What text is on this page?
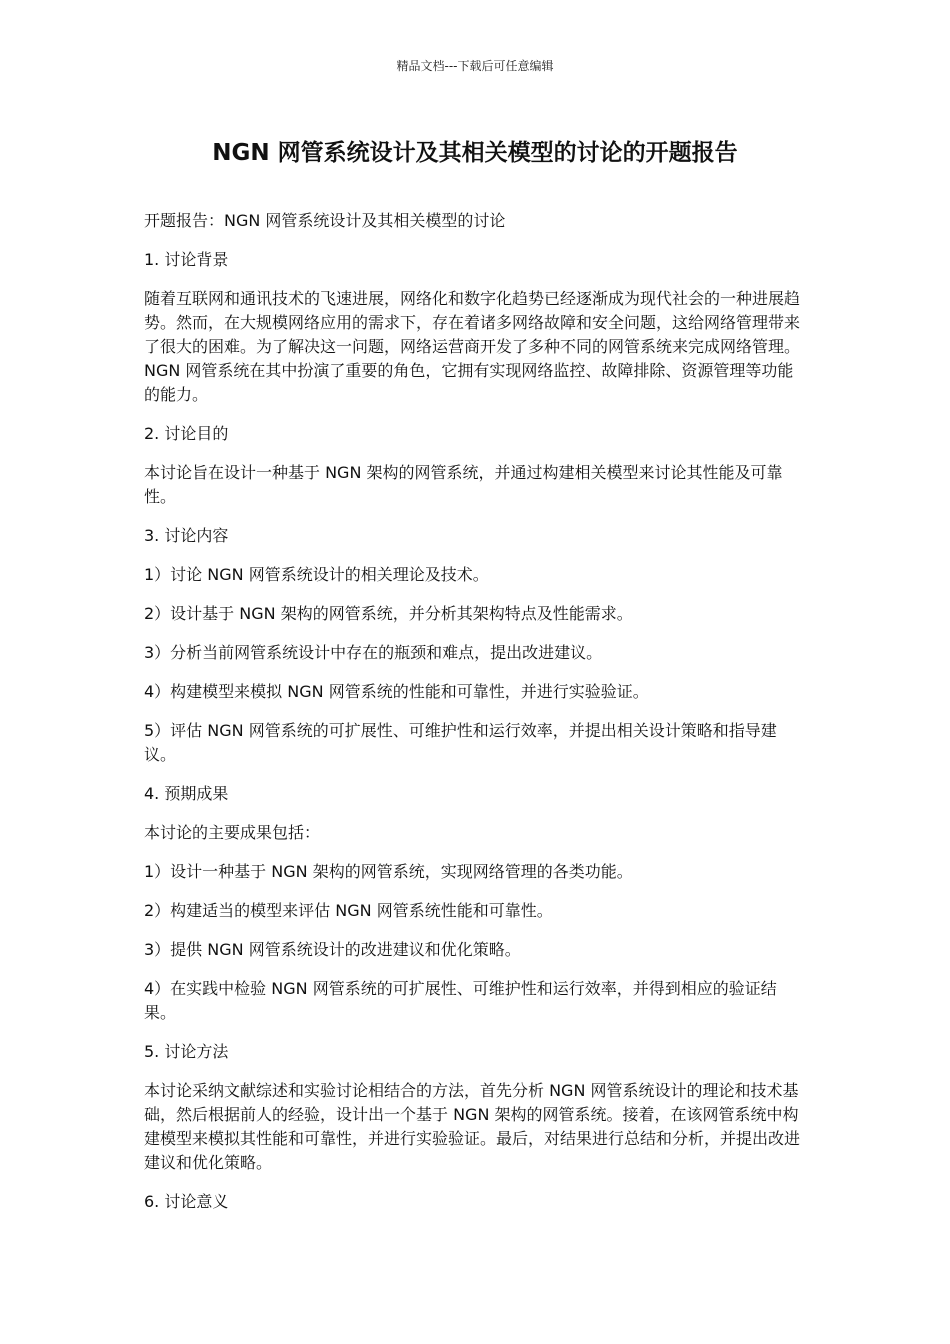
精品文档---下载后可任意编辑
NGN 网管系统设计及其相关模型的讨论的开题报告

开题报告：NGN 网管系统设计及其相关模型的讨论

1. 讨论背景

随着互联网和通讯技术的飞速进展，网络化和数字化趋势已经逐渐成为现代社会的一种进展趋势。然而，在大规模网络应用的需求下，存在着诸多网络故障和安全问题，这给网络管理带来了很大的困难。为了解决这一问题，网络运营商开发了多种不同的网管系统来完成网络管理。NGN 网管系统在其中扮演了重要的角色，它拥有实现网络监控、故障排除、资源管理等功能的能力。

2. 讨论目的

本讨论旨在设计一种基于 NGN 架构的网管系统，并通过构建相关模型来讨论其性能及可靠性。

3. 讨论内容

1）讨论 NGN 网管系统设计的相关理论及技术。

2）设计基于 NGN 架构的网管系统，并分析其架构特点及性能需求。

3）分析当前网管系统设计中存在的瓶颈和难点，提出改进建议。

4）构建模型来模拟 NGN 网管系统的性能和可靠性，并进行实验验证。

5）评估 NGN 网管系统的可扩展性、可维护性和运行效率，并提出相关设计策略和指导建议。

4. 预期成果

本讨论的主要成果包括：

1）设计一种基于 NGN 架构的网管系统，实现网络管理的各类功能。

2）构建适当的模型来评估 NGN 网管系统性能和可靠性。

3）提供 NGN 网管系统设计的改进建议和优化策略。

4）在实践中检验 NGN 网管系统的可扩展性、可维护性和运行效率，并得到相应的验证结果。

5. 讨论方法

本讨论采纳文献综述和实验讨论相结合的方法，首先分析 NGN 网管系统设计的理论和技术基础，然后根据前人的经验，设计出一个基于 NGN 架构的网管系统。接着，在该网管系统中构建模型来模拟其性能和可靠性，并进行实验验证。最后，对结果进行总结和分析，并提出改进建议和优化策略。

6. 讨论意义
